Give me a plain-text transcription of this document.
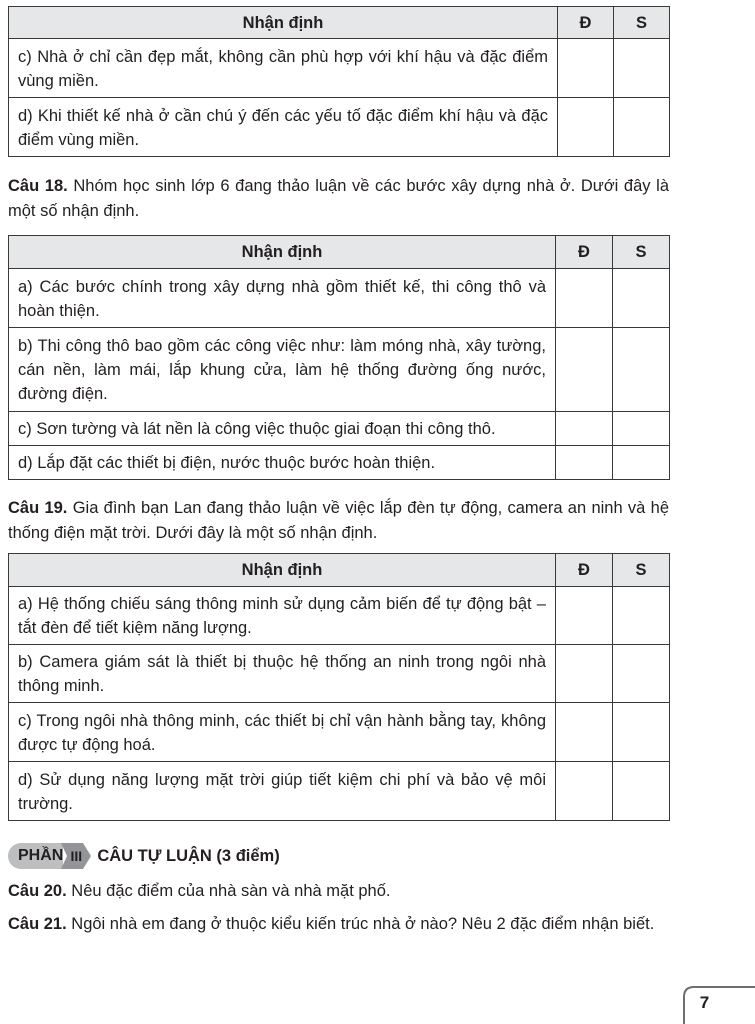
Nhận định	Đ	S
c) Nhà ở chỉ cần đẹp mắt, không cần phù hợp với khí hậu và đặc điểm vùng miền.		
d) Khi thiết kế nhà ở cần chú ý đến các yếu tố đặc điểm khí hậu và đặc điểm vùng miền.		

Câu 18. Nhóm học sinh lớp 6 đang thảo luận về các bước xây dựng nhà ở. Dưới đây là một số nhận định.

Nhận định	Đ	S
a) Các bước chính trong xây dựng nhà gồm thiết kế, thi công thô và hoàn thiện.		
b) Thi công thô bao gồm các công việc như: làm móng nhà, xây tường, cán nền, làm mái, lắp khung cửa, làm hệ thống đường ống nước, đường điện.		
c) Sơn tường và lát nền là công việc thuộc giai đoạn thi công thô.		
d) Lắp đặt các thiết bị điện, nước thuộc bước hoàn thiện.		

Câu 19. Gia đình bạn Lan đang thảo luận về việc lắp đèn tự động, camera an ninh và hệ thống điện mặt trời. Dưới đây là một số nhận định.

Nhận định	Đ	S
a) Hệ thống chiếu sáng thông minh sử dụng cảm biến để tự động bật – tắt đèn để tiết kiệm năng lượng.		
b) Camera giám sát là thiết bị thuộc hệ thống an ninh trong ngôi nhà thông minh.		
c) Trong ngôi nhà thông minh, các thiết bị chỉ vận hành bằng tay, không được tự động hoá.		
d) Sử dụng năng lượng mặt trời giúp tiết kiệm chi phí và bảo vệ môi trường.		
PHẦN III CÂU TỰ LUẬN (3 điểm)

Câu 20. Nêu đặc điểm của nhà sàn và nhà mặt phố.

Câu 21. Ngôi nhà em đang ở thuộc kiểu kiến trúc nhà ở nào? Nêu 2 đặc điểm nhận biết.

7
